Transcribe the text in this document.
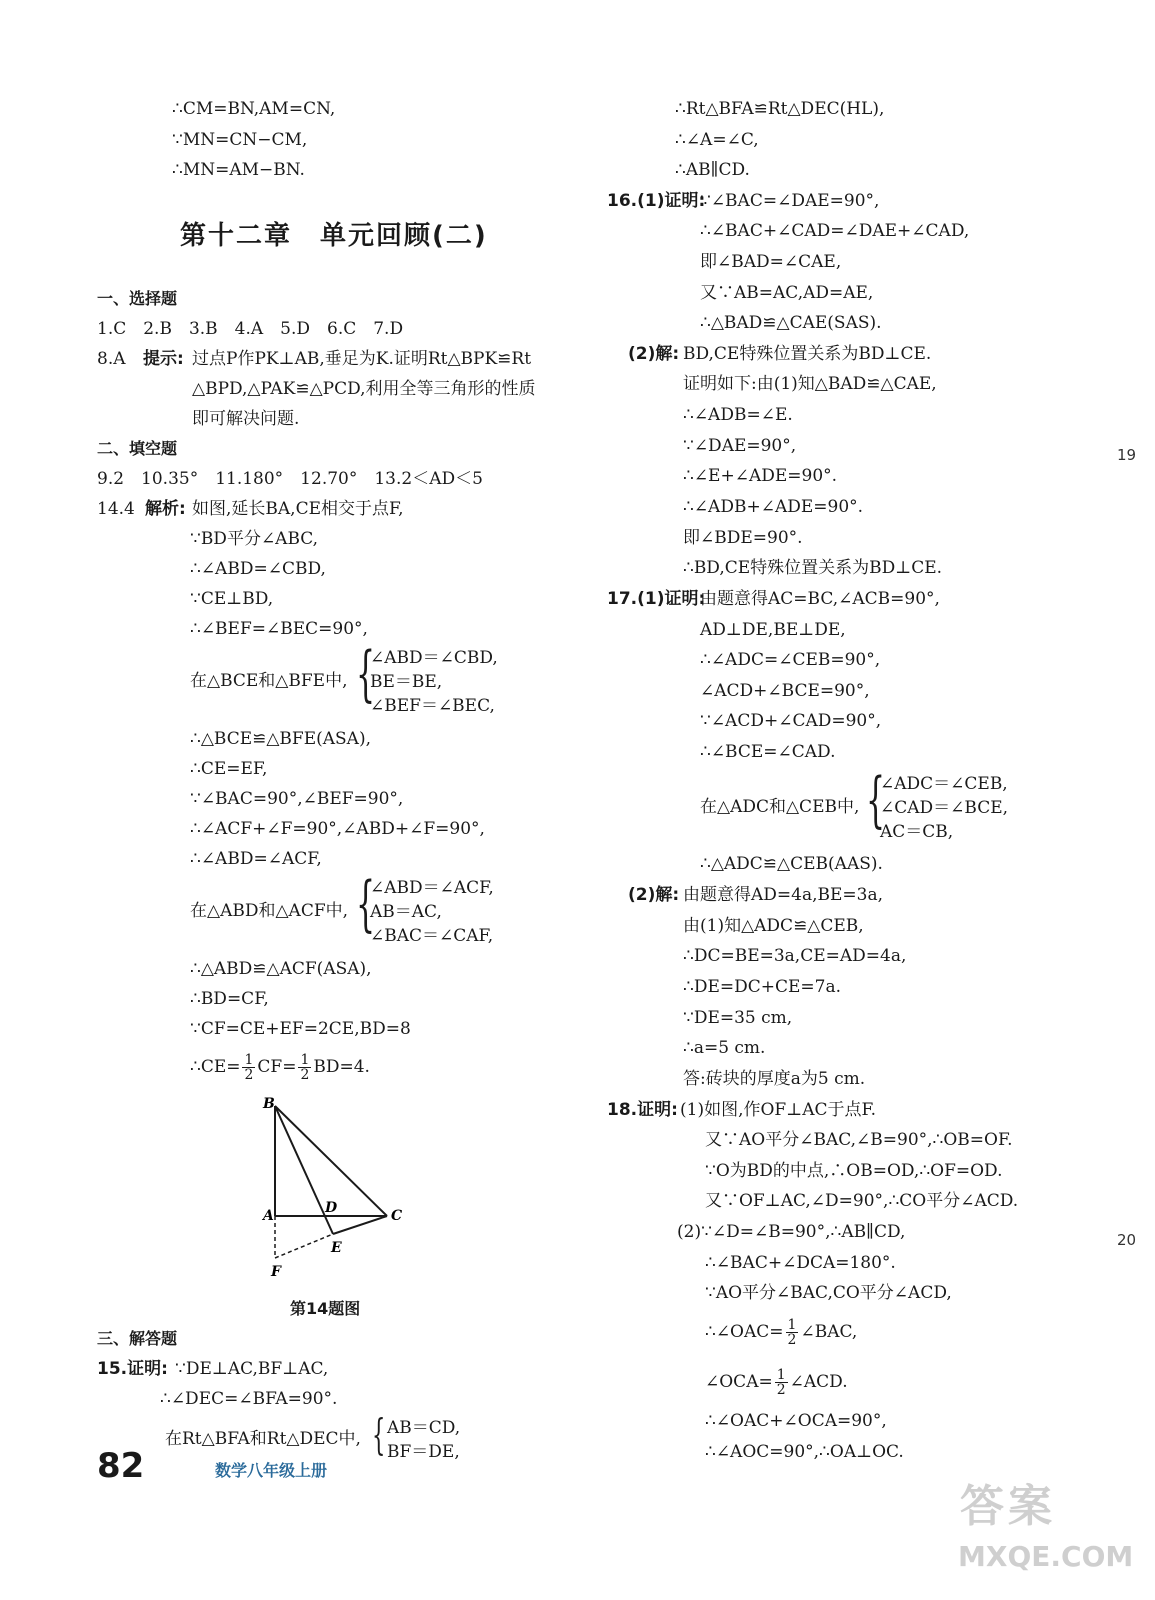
∴CM=BN,AM=CN,
∵MN=CN−CM,
∴MN=AM−BN.
第十二章　单元回顾(二)
一、选择题
1.C　2.B　3.B　4.A　5.D　6.C　7.D
8.A 提示: 过点P作PK⊥AB,垂足为K.证明Rt△BPK≌Rt
△BPD,△PAK≌△PCD,利用全等三角形的性质
即可解决问题.
二、填空题
9.2　10.35°　11.180°　12.70°　13.2＜AD＜5
14.4 解析: 如图,延长BA,CE相交于点F,
∵BD平分∠ABC,
∴∠ABD=∠CBD,
∵CE⊥BD,
∴∠BEF=∠BEC=90°,
在△BCE和△BFE中, {
∠ABD＝∠CBD,
BE＝BE,
∠BEF＝∠BEC,
∴△BCE≌△BFE(ASA),
∴CE=EF,
∵∠BAC=90°,∠BEF=90°,
∴∠ACF+∠F=90°,∠ABD+∠F=90°,
∴∠ABD=∠ACF,
在△ABD和△ACF中, {
∠ABD＝∠ACF,
AB＝AC,
∠BAC＝∠CAF,
∴△ABD≌△ACF(ASA),
∴BD=CF,
∵CF=CE+EF=2CE,BD=8
∴CE= $\frac{1}{2} CF= \frac{1}{2} BD=4$.
B
A	D	C
E
F
第14题图
三、解答题
15.证明: ∵DE⊥AC,BF⊥AC,
∴∠DEC=∠BFA=90°.
在Rt△BFA和Rt△DEC中, { AB＝CD,
BF＝DE,
∴Rt△BFA≌Rt△DEC(HL),
∴∠A=∠C,
∴AB∥CD.
16.(1)证明:
∵∠BAC=∠DAE=90°,
∴∠BAC+∠CAD=∠DAE+∠CAD,
即∠BAD=∠CAE,
又∵AB=AC,AD=AE,
∴△BAD≌△CAE(SAS).
(2)解: BD,CE特殊位置关系为BD⊥CE.
证明如下:由(1)知△BAD≌△CAE,
∴∠ADB=∠E.
∵∠DAE=90°,
∴∠E+∠ADE=90°.
∴∠ADB+∠ADE=90°.
即∠BDE=90°.
∴BD,CE特殊位置关系为BD⊥CE.
17.(1)证明:
由题意得AC=BC,∠ACB=90°,
AD⊥DE,BE⊥DE,
∴∠ADC=∠CEB=90°,
∠ACD+∠BCE=90°,
∵∠ACD+∠CAD=90°,
∴∠BCE=∠CAD.
在△ADC和△CEB中, {
∠ADC＝∠CEB,
∠CAD＝∠BCE,
AC＝CB,
∴△ADC≌△CEB(AAS).
(2)解: 由题意得AD=4a,BE=3a,
由(1)知△ADC≌△CEB,
∴DC=BE=3a,CE=AD=4a,
∴DE=DC+CE=7a.
∵DE=35 cm,
∴a=5 cm.
答:砖块的厚度a为5 cm.
18.证明: (1)如图,作OF⊥AC于点F.
又∵AO平分∠BAC,∠B=90°,∴OB=OF.
∵O为BD的中点,∴OB=OD,∴OF=OD.
又∵OF⊥AC,∠D=90°,∴CO平分∠ACD.
(2)∵∠D=∠B=90°,∴AB∥CD,
∴∠BAC+∠DCA=180°.
∵AO平分∠BAC,CO平分∠ACD,
∴∠OAC= $\frac{1}{2}$ ∠BAC,
∠OCA= $\frac{1}{2}$ ∠ACD.
∴∠OAC+∠OCA=90°,
∴∠AOC=90°,∴OA⊥OC.
19
20
82	数学八年级上册
答案
MXQE.COM
